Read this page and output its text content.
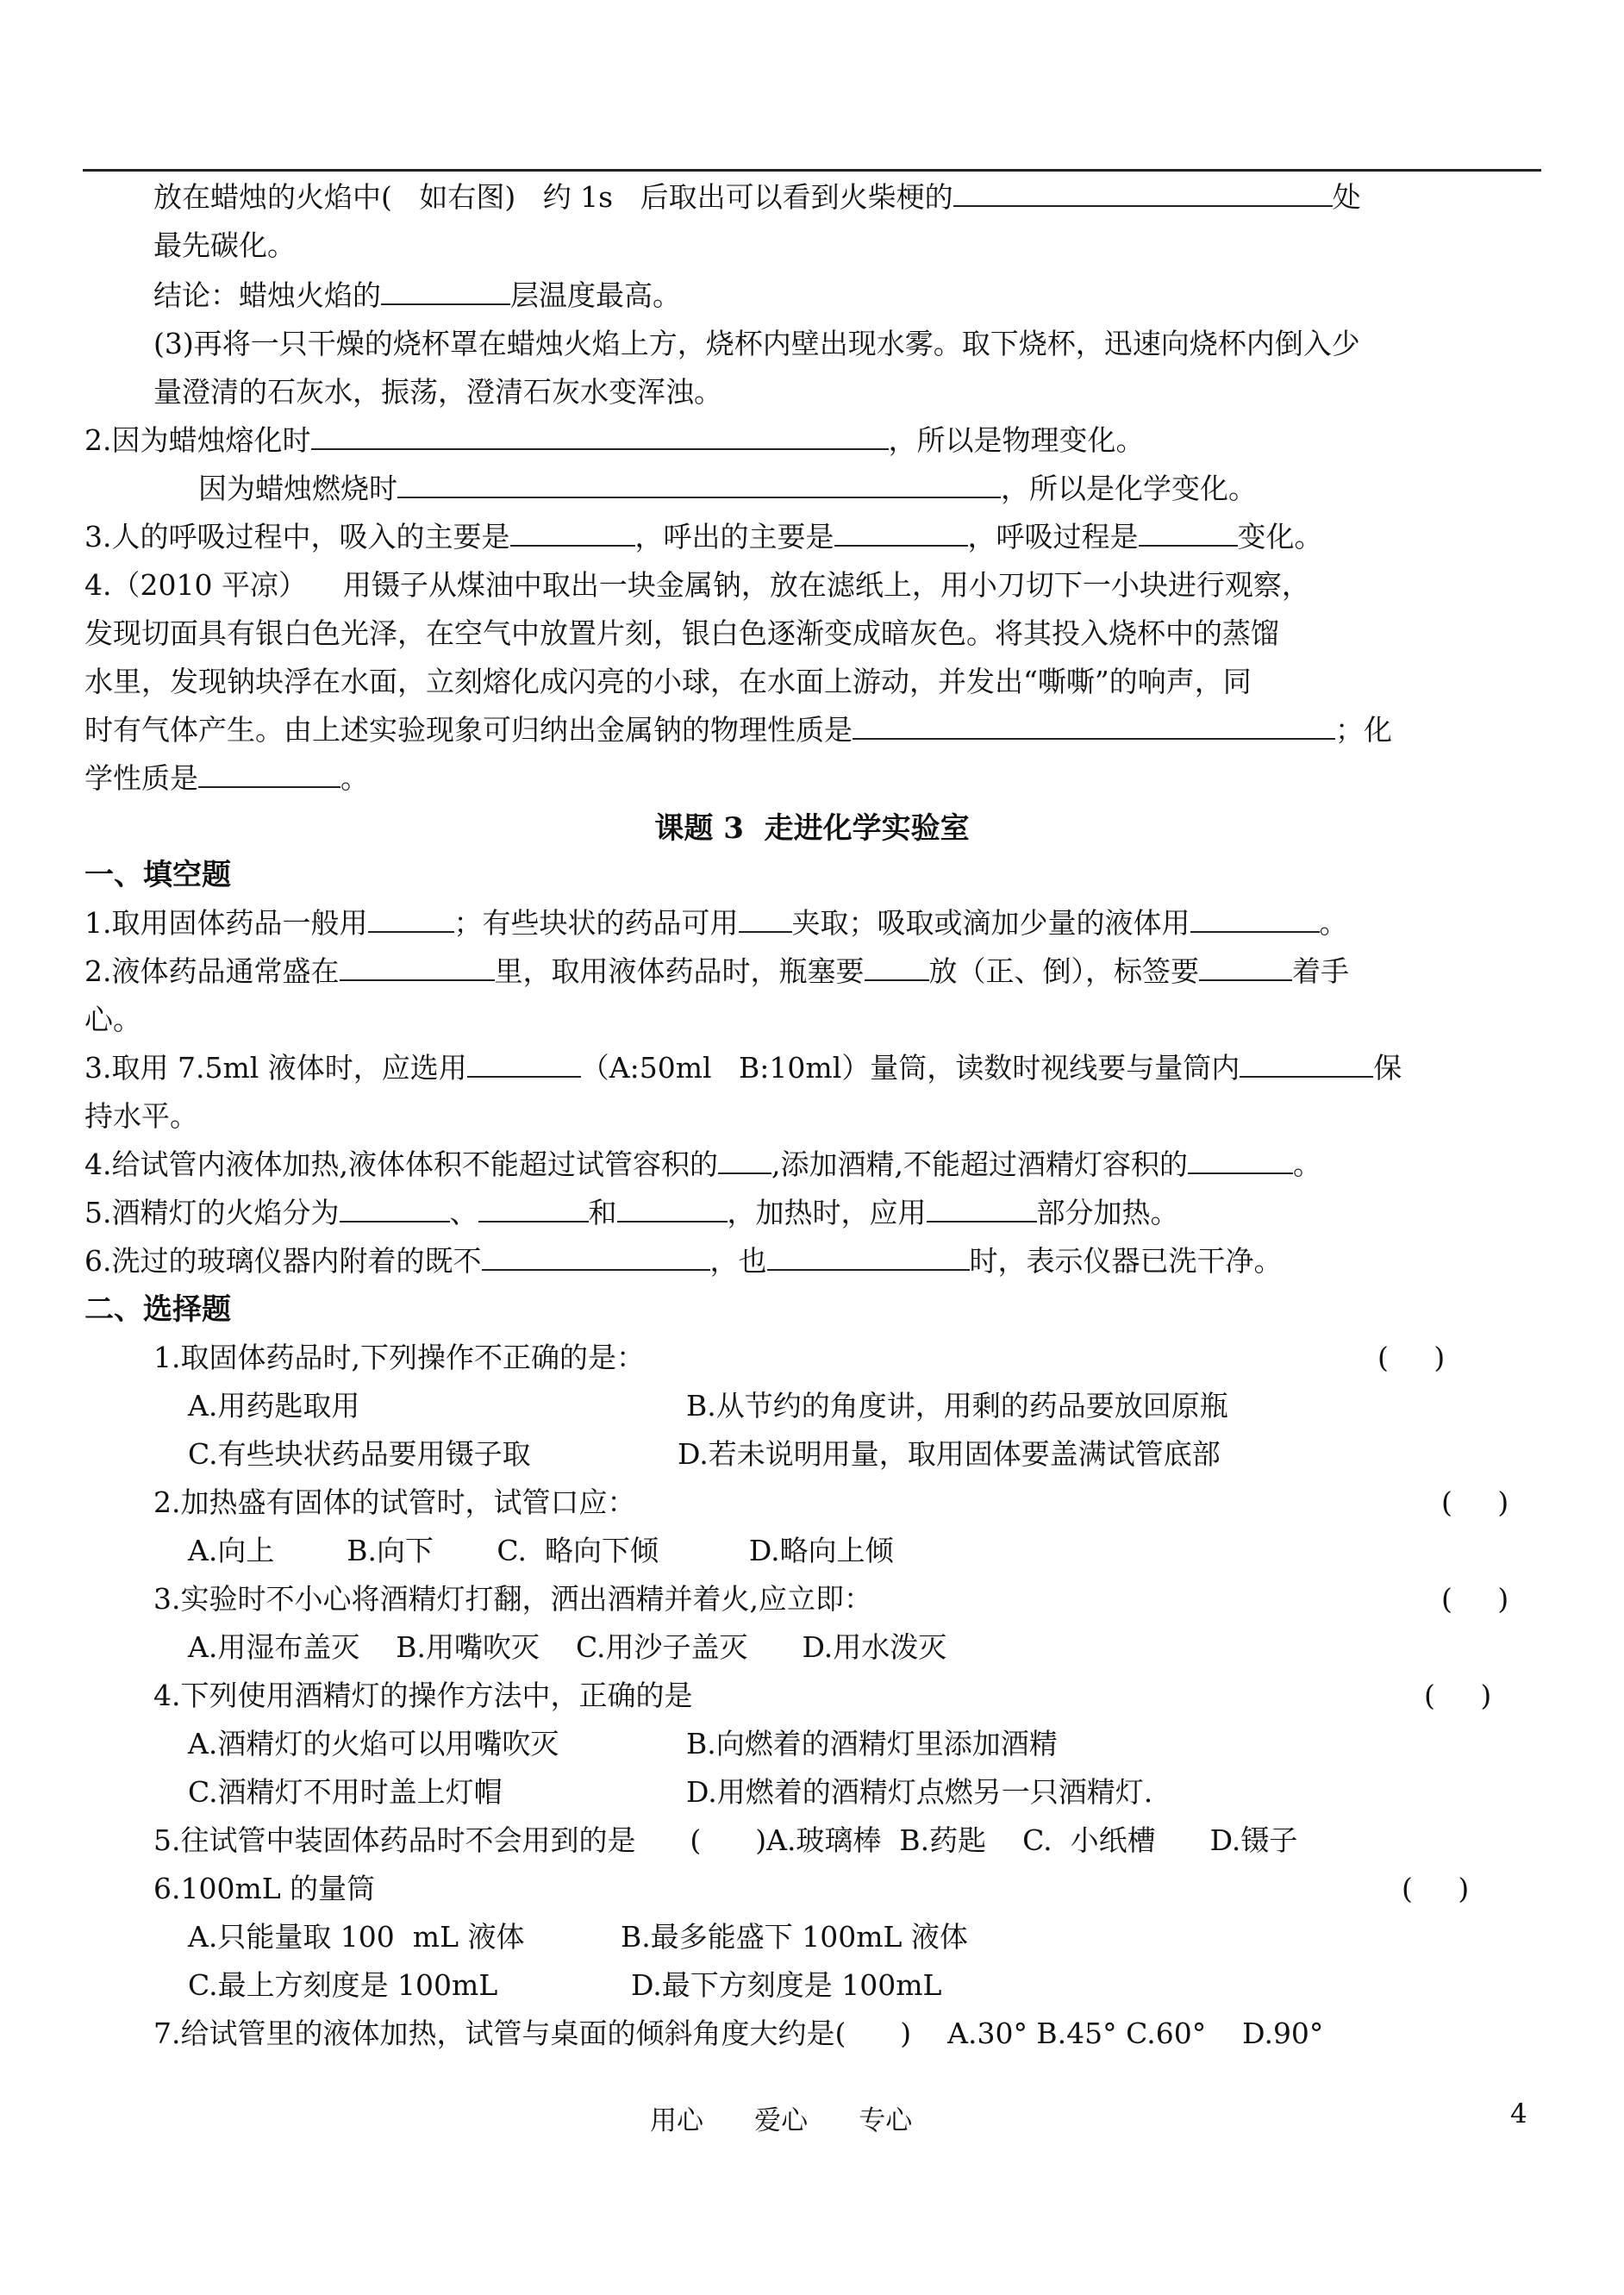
放在蜡烛的火焰中(   如右图)   约 1s   后取出可以看到火柴梗的	处
最先碳化。
结论：蜡烛火焰的	层温度最高。
(3)再将一只干燥的烧杯罩在蜡烛火焰上方，烧杯内壁出现水雾。取下烧杯，迅速向烧杯内倒入少
量澄清的石灰水，振荡，澄清石灰水变浑浊。
2.因为蜡烛熔化时	，所以是物理变化。
因为蜡烛燃烧时	，所以是化学变化。
3.人的呼吸过程中，吸入的主要是	，呼出的主要是	，呼吸过程是	变化。
4.（2010 平凉）    用镊子从煤油中取出一块金属钠，放在滤纸上，用小刀切下一小块进行观察，
发现切面具有银白色光泽，在空气中放置片刻，银白色逐渐变成暗灰色。将其投入烧杯中的蒸馏
水里，发现钠块浮在水面，立刻熔化成闪亮的小球，在水面上游动，并发出“嘶嘶”的响声，同
时有气体产生。由上述实验现象可归纳出金属钠的物理性质是	；化
学性质是	。
课题 3  走进化学实验室
一、填空题
1.取用固体药品一般用	；有些块状的药品可用 夹取；吸取或滴加少量的液体用	。
2.液体药品通常盛在	里，取用液体药品时，瓶塞要 放（正、倒），标签要	着手
心。
3.取用 7.5ml 液体时，应选用	（A:50ml   B:10ml）量筒，读数时视线要与量筒内	保
持水平。
4.给试管内液体加热,液体体积不能超过试管容积的 ,添加酒精,不能超过酒精灯容积的	。
5.酒精灯的火焰分为	、	和	，加热时，应用	部分加热。
6.洗过的玻璃仪器内附着的既不	，也	时，表示仪器已洗干净。
二、选择题
1.取固体药品时,下列操作不正确的是：	(     )
A.用药匙取用	B.从节约的角度讲，用剩的药品要放回原瓶
C.有些块状药品要用镊子取	D.若未说明用量，取用固体要盖满试管底部
2.加热盛有固体的试管时，试管口应：	(     )
A.向上        B.向下       C.  略向下倾          D.略向上倾
3.实验时不小心将酒精灯打翻，洒出酒精并着火,应立即：	(     )
A.用湿布盖灭    B.用嘴吹灭    C.用沙子盖灭      D.用水泼灭
4.下列使用酒精灯的操作方法中，正确的是	(     )
A.酒精灯的火焰可以用嘴吹灭	B.向燃着的酒精灯里添加酒精
C.酒精灯不用时盖上灯帽	D.用燃着的酒精灯点燃另一只酒精灯.
5.往试管中装固体药品时不会用到的是      (      )A.玻璃棒  B.药匙    C.  小纸槽      D.镊子
6.100mL 的量筒	(     )
A.只能量取 100  mL 液体	B.最多能盛下 100mL 液体
C.最上方刻度是 100mL	D.最下方刻度是 100mL
7.给试管里的液体加热，试管与桌面的倾斜角度大约是(      )    A.30° B.45° C.60°    D.90°
用心      爱心      专心	4
